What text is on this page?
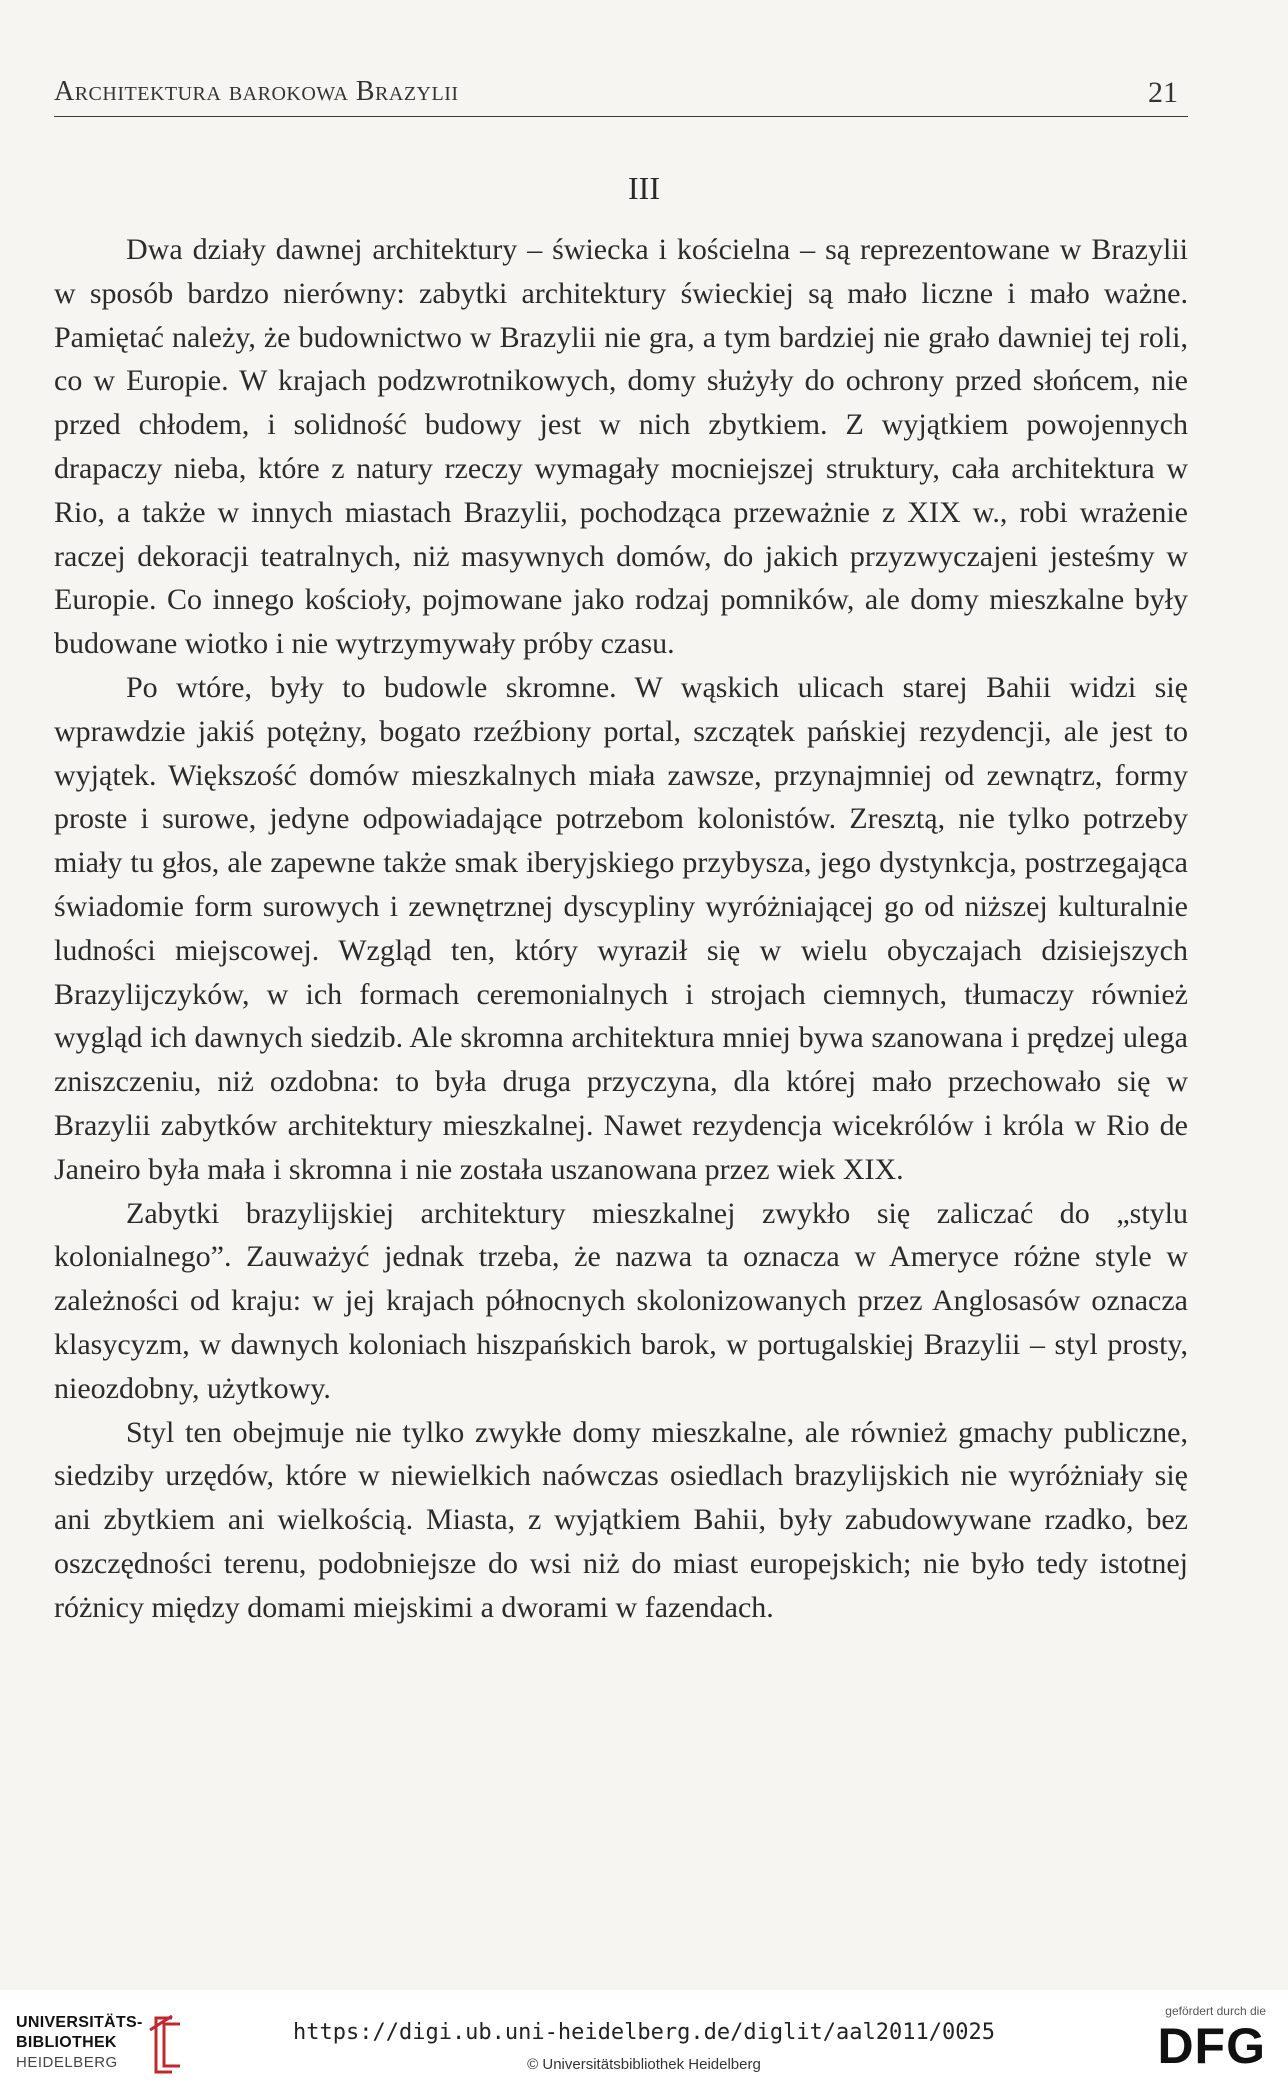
Architektura barokowa Brazylii	21
III

Dwa działy dawnej architektury – świecka i kościelna – są reprezentowane w Brazylii w sposób bardzo nierówny: zabytki architektury świeckiej są mało liczne i mało ważne. Pamiętać należy, że budownictwo w Brazylii nie gra, a tym bardziej nie grało dawniej tej roli, co w Europie. W krajach podzwrotnikowych, domy służyły do ochrony przed słońcem, nie przed chłodem, i solidność budowy jest w nich zbytkiem. Z wyjątkiem powojennych drapaczy nieba, które z natury rzeczy wymagały mocniejszej struktury, cała architektura w Rio, a także w innych miastach Brazylii, pochodząca przeważnie z XIX w., robi wrażenie raczej dekoracji teatralnych, niż masywnych domów, do jakich przyzwyczajeni jesteśmy w Europie. Co innego kościoły, pojmowane jako rodzaj pomników, ale domy mieszkalne były budowane wiotko i nie wytrzymywały próby czasu.

Po wtóre, były to budowle skromne. W wąskich ulicach starej Bahii widzi się wprawdzie jakiś potężny, bogato rzeźbiony portal, szczątek pańskiej rezydencji, ale jest to wyjątek. Większość domów mieszkalnych miała zawsze, przynajmniej od zewnątrz, formy proste i surowe, jedyne odpowiadające potrzebom kolonistów. Zresztą, nie tylko potrzeby miały tu głos, ale zapewne także smak iberyjskiego przybysza, jego dystynkcja, postrzegająca świadomie form surowych i zewnętrznej dyscypliny wyróżniającej go od niższej kulturalnie ludności miejscowej. Wzgląd ten, który wyraził się w wielu obyczajach dzisiejszych Brazylijczyków, w ich formach ceremonialnych i strojach ciemnych, tłumaczy również wygląd ich dawnych siedzib. Ale skromna architektura mniej bywa szanowana i prędzej ulega zniszczeniu, niż ozdobna: to była druga przyczyna, dla której mało przechowało się w Brazylii zabytków architektury mieszkalnej. Nawet rezydencja wicekrólów i króla w Rio de Janeiro była mała i skromna i nie została uszanowana przez wiek XIX.

Zabytki brazylijskiej architektury mieszkalnej zwykło się zaliczać do „stylu kolonialnego”. Zauważyć jednak trzeba, że nazwa ta oznacza w Ameryce różne style w zależności od kraju: w jej krajach północnych skolonizowanych przez Anglosasów oznacza klasycyzm, w dawnych koloniach hiszpańskich barok, w portugalskiej Brazylii – styl prosty, nieozdobny, użytkowy.

Styl ten obejmuje nie tylko zwykłe domy mieszkalne, ale również gmachy publiczne, siedziby urzędów, które w niewielkich naówczas osiedlach brazylijskich nie wyróżniały się ani zbytkiem ani wielkością. Miasta, z wyjątkiem Bahii, były zabudowywane rzadko, bez oszczędności terenu, podobniejsze do wsi niż do miast europejskich; nie było tedy istotnej różnicy między domami miejskimi a dworami w fazendach.

UNIVERSITÄTS-
BIBLIOTHEK
HEIDELBERG
https://digi.ub.uni-heidelberg.de/diglit/aal2011/0025
© Universitätsbibliothek Heidelberg
gefördert durch die
DFG
